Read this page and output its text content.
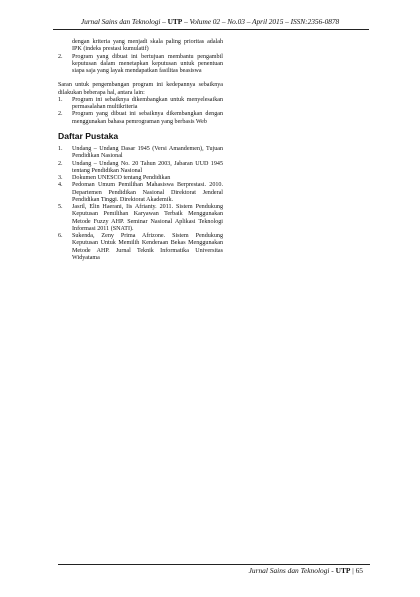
Jurnal Sains dan Teknologi – UTP – Volume 02 – No.03 – April 2015 – ISSN:2356-0878
dengan kriteria yang menjadi skala paling prioritas adalah IPK (indeks prestasi kumulatif)
2. Program yang dibuat ini bertujuan membantu pengambil keputusan dalam menetapkan keputusan untuk penentuan siapa saja yang layak mendapatkan fasilitas beasiswa
Saran untuk pengembangan program ini kedepannya sebaiknya dilakukan beberapa hal, antara lain:
1. Program ini sebaiknya dikembangkan untuk menyelesaikan permasalahan multikriteria
2. Program yang dibuat ini sebaiknya dikembangkan dengan menggunakan bahasa pemrograman yang berbasis Web
Daftar Pustaka
1. Undang – Undang Dasar 1945 (Versi Amandemen), Tujuan Pendidikan Nasional
2. Undang – Undang No. 20 Tahun 2003, Jabaran UUD 1945 tentang Pendidikan Nasional
3. Dokumen UNESCO tentang Pendidikan
4. Pedoman Umum Pemilihan Mahasiswa Berprestasi. 2010. Departemen Pendidikan Nasional Direktorat Jenderal Pendidikan Tinggi. Direktorat Akademik.
5. Jasril, Elin Haerani, Iis Afrianty. 2011. Sistem Pendukung Keputusan Pemilihan Karyawan Terbaik Menggunakan Metode Fuzzy AHP. Seminar Nasional Aplikasi Teknologi Informasi 2011 (SNATI).
6. Sukenda, Zeny Prima Afrizone. Sistem Pendukung Keputusan Untuk Memilih Kenderaan Bekas Menggunakan Metode AHP. Jurnal Teknik Informatika Universitas Widyatama
Jurnal Sains dan Teknologi - UTP | 65
